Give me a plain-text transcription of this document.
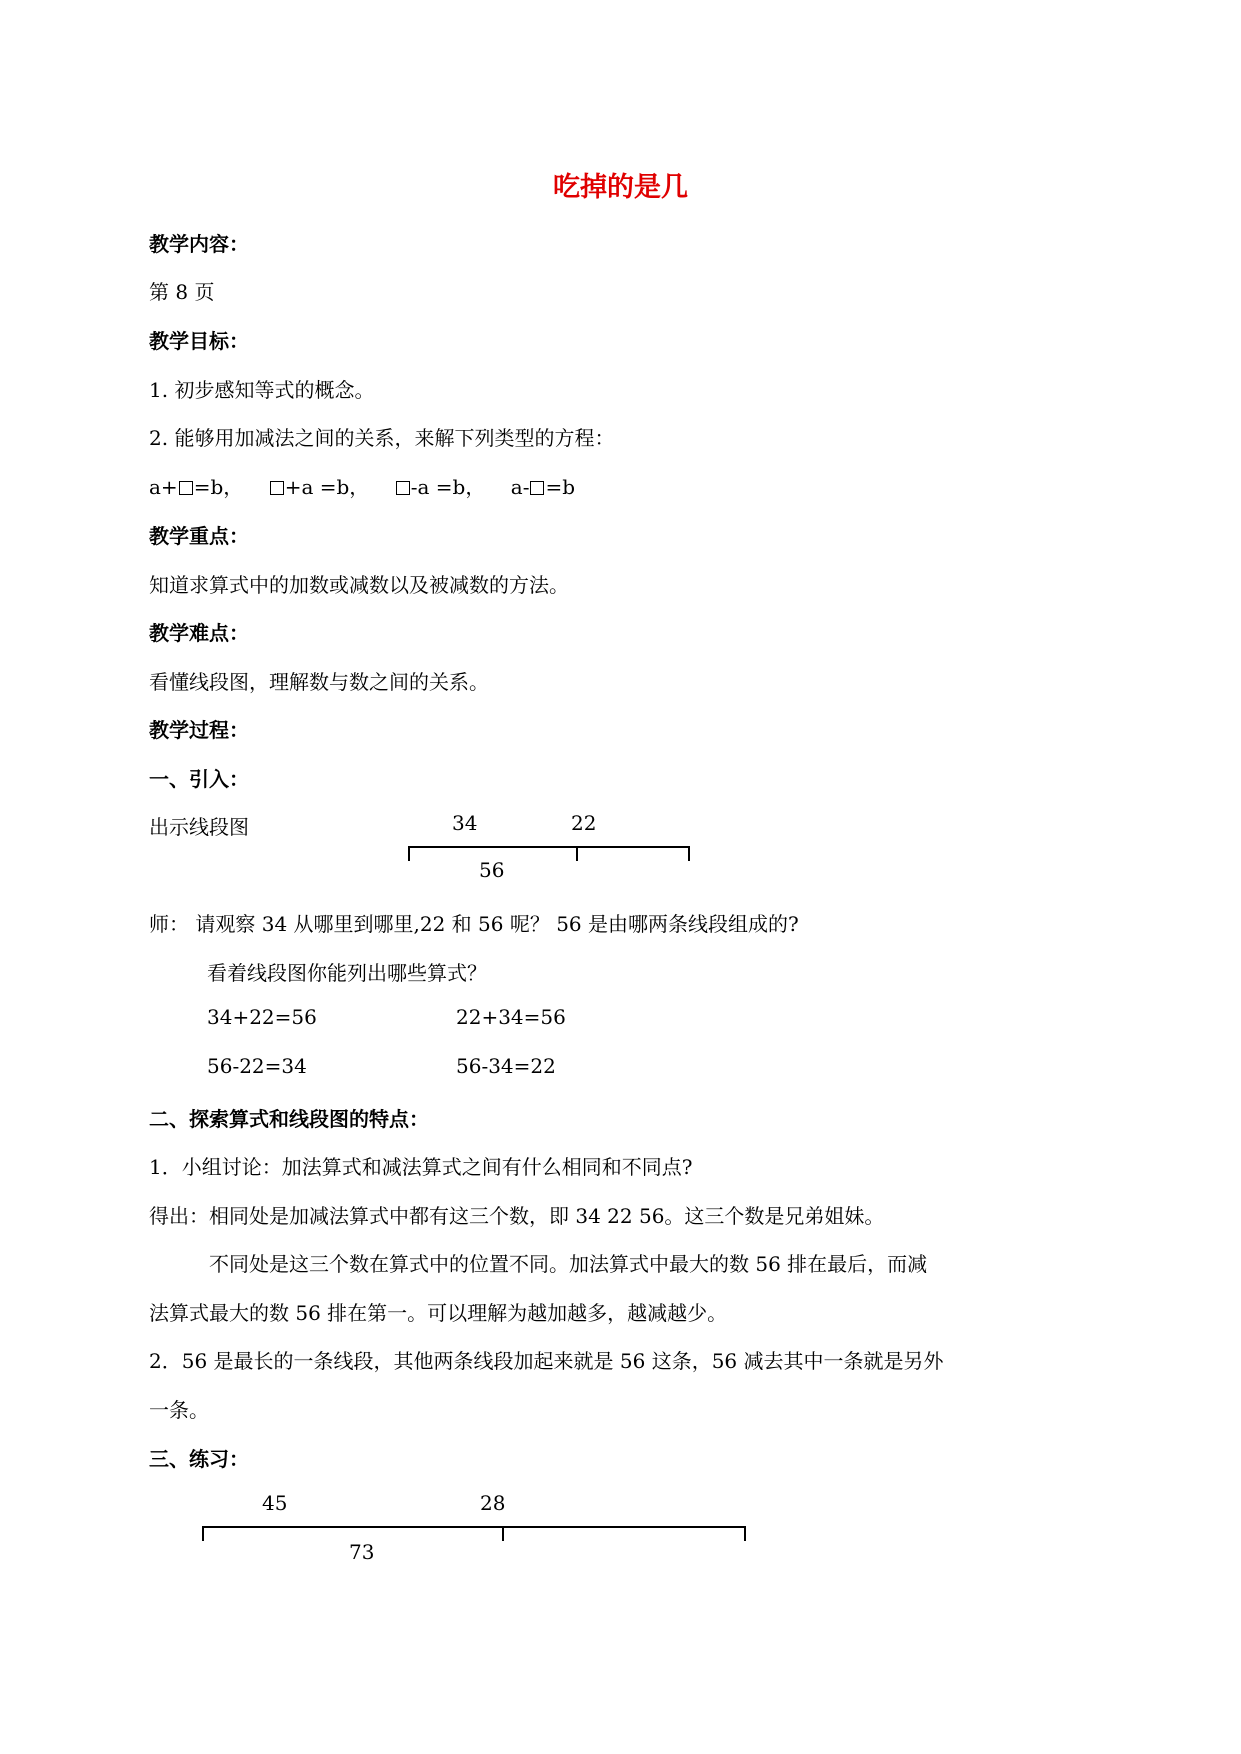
吃掉的是几
教学内容：
第 8 页
教学目标：
1. 初步感知等式的概念。
2. 能够用加减法之间的关系，来解下列类型的方程：
a+ =b， +a =b， -a =b， a- =b
教学重点：
知道求算式中的加数或减数以及被减数的方法。
教学难点：
看懂线段图，理解数与数之间的关系。
教学过程：
一、引入：
出示线段图	34	22
56
师： 请观察 34 从哪里到哪里,22 和 56 呢？ 56 是由哪两条线段组成的?
看着线段图你能列出哪些算式？
34+22=56	22+34=56
56-22=34	56-34=22
二、探索算式和线段图的特点：
1．小组讨论：加法算式和减法算式之间有什么相同和不同点?
得出：相同处是加减法算式中都有这三个数，即 34 22 56。这三个数是兄弟姐妹。
不同处是这三个数在算式中的位置不同。加法算式中最大的数 56 排在最后，而减
法算式最大的数 56 排在第一。可以理解为越加越多，越减越少。
2．56 是最长的一条线段，其他两条线段加起来就是 56 这条，56 减去其中一条就是另外
一条。
三、练习：
45	28
73
